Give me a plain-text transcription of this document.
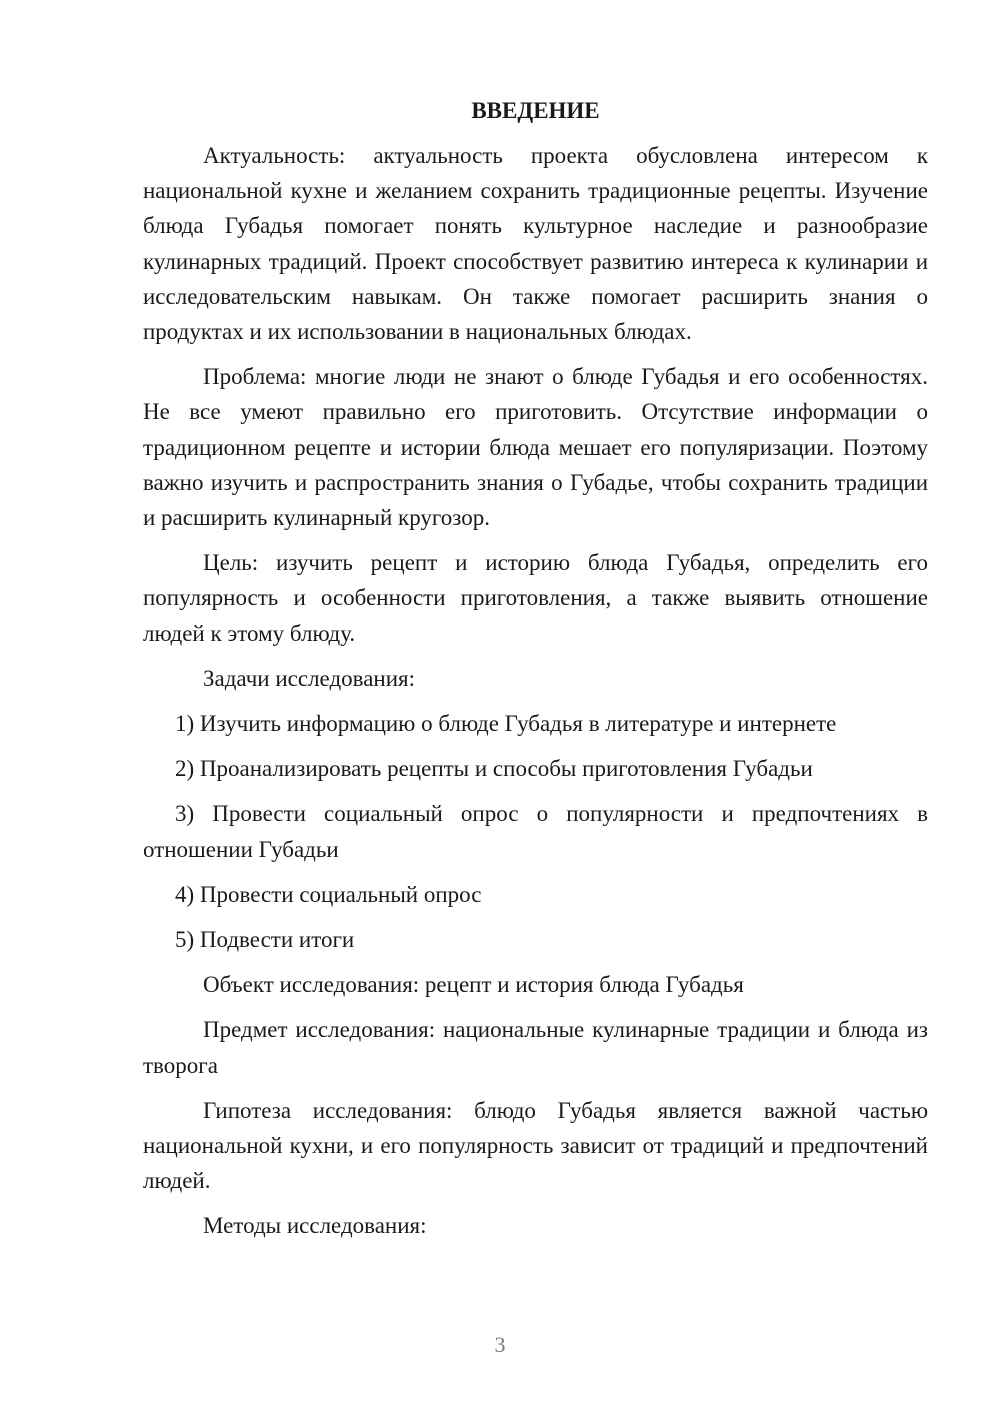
ВВЕДЕНИЕ

Актуальность: актуальность проекта обусловлена интересом к национальной кухне и желанием сохранить традиционные рецепты. Изучение блюда Губадья помогает понять культурное наследие и разнообразие кулинарных традиций. Проект способствует развитию интереса к кулинарии и исследовательским навыкам. Он также помогает расширить знания о продуктах и их использовании в национальных блюдах.

Проблема: многие люди не знают о блюде Губадья и его особенностях. Не все умеют правильно его приготовить. Отсутствие информации о традиционном рецепте и истории блюда мешает его популяризации. Поэтому важно изучить и распространить знания о Губадье, чтобы сохранить традиции и расширить кулинарный кругозор.

Цель: изучить рецепт и историю блюда Губадья, определить его популярность и особенности приготовления, а также выявить отношение людей к этому блюду.

Задачи исследования:

1) Изучить информацию о блюде Губадья в литературе и интернете

2) Проанализировать рецепты и способы приготовления Губадьи

3) Провести социальный опрос о популярности и предпочтениях в отношении Губадьи

4) Провести социальный опрос

5) Подвести итоги

Объект исследования: рецепт и история блюда Губадья

Предмет исследования: национальные кулинарные традиции и блюда из творога

Гипотеза исследования: блюдо Губадья является важной частью национальной кухни, и его популярность зависит от традиций и предпочтений людей.

Методы исследования:

3
